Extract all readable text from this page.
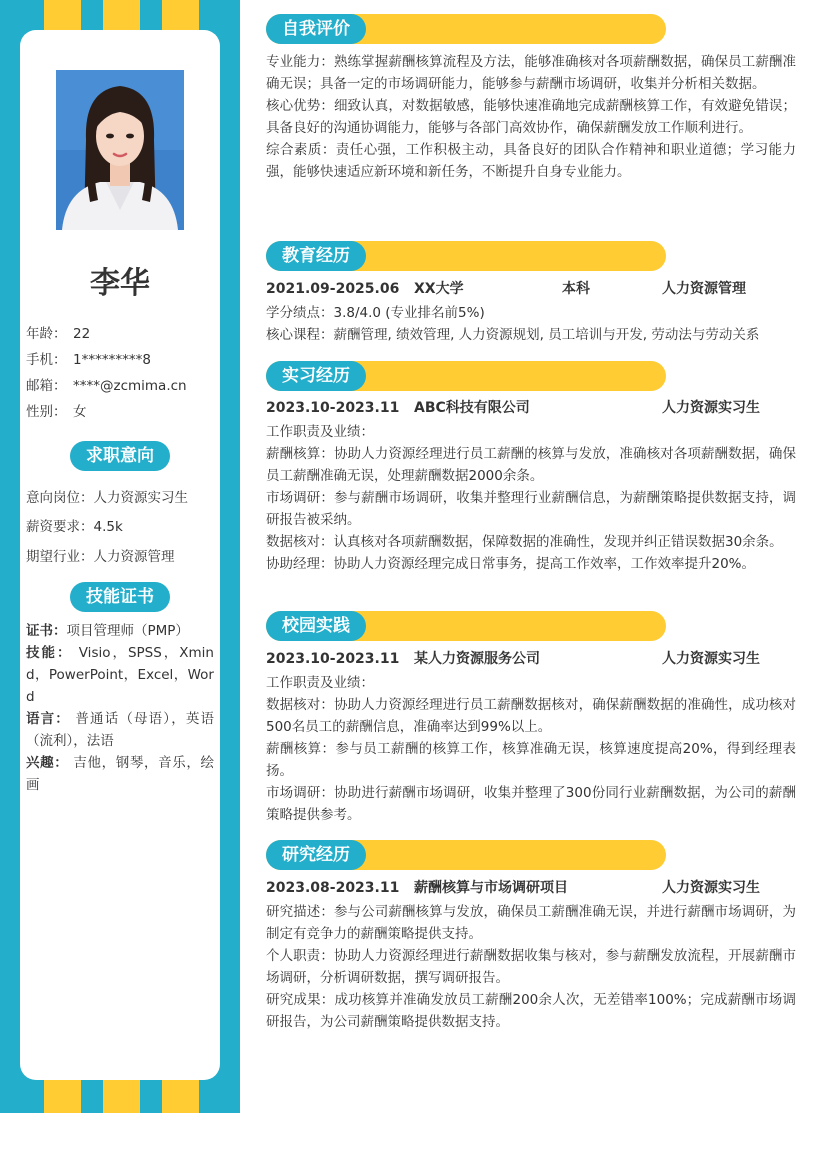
李华
年龄： 22
手机： 1*********8
邮箱： ****@zcmima.cn
性别： 女
求职意向
意向岗位：人力资源实习生
薪资要求：4.5k
期望行业：人力资源管理
技能证书

证书：项目管理师（PMP）

技能： Visio，SPSS，Xmind，PowerPoint，Excel，Word

语言： 普通话（母语），英语（流利），法语

兴趣： 吉他，钢琴，音乐，绘画

自我评价

专业能力：熟练掌握薪酬核算流程及方法，能够准确核对各项薪酬数据，确保员工薪酬准确无误；具备一定的市场调研能力，能够参与薪酬市场调研，收集并分析相关数据。

核心优势：细致认真，对数据敏感，能够快速准确地完成薪酬核算工作，有效避免错误；具备良好的沟通协调能力，能够与各部门高效协作，确保薪酬发放工作顺利进行。

综合素质：责任心强，工作积极主动，具备良好的团队合作精神和职业道德；学习能力强，能够快速适应新环境和新任务，不断提升自身专业能力。

教育经历
2021.09-2025.06 XX大学	本科	人力资源管理

学分绩点：3.8/4.0 (专业排名前5%)

核心课程：薪酬管理, 绩效管理, 人力资源规划, 员工培训与开发, 劳动法与劳动关系

实习经历
2023.10-2023.11 ABC科技有限公司	人力资源实习生

工作职责及业绩：

薪酬核算：协助人力资源经理进行员工薪酬的核算与发放，准确核对各项薪酬数据，确保员工薪酬准确无误，处理薪酬数据2000余条。

市场调研：参与薪酬市场调研，收集并整理行业薪酬信息，为薪酬策略提供数据支持，调研报告被采纳。

数据核对：认真核对各项薪酬数据，保障数据的准确性，发现并纠正错误数据30余条。

协助经理：协助人力资源经理完成日常事务，提高工作效率，工作效率提升20%。

校园实践
2023.10-2023.11 某人力资源服务公司	人力资源实习生

工作职责及业绩：

数据核对：协助人力资源经理进行员工薪酬数据核对，确保薪酬数据的准确性，成功核对500名员工的薪酬信息，准确率达到99%以上。

薪酬核算：参与员工薪酬的核算工作，核算准确无误，核算速度提高20%，得到经理表扬。

市场调研：协助进行薪酬市场调研，收集并整理了300份同行业薪酬数据，为公司的薪酬策略提供参考。

研究经历
2023.08-2023.11 薪酬核算与市场调研项目	人力资源实习生

研究描述：参与公司薪酬核算与发放，确保员工薪酬准确无误，并进行薪酬市场调研，为制定有竞争力的薪酬策略提供支持。

个人职责：协助人力资源经理进行薪酬数据收集与核对，参与薪酬发放流程，开展薪酬市场调研，分析调研数据，撰写调研报告。

研究成果：成功核算并准确发放员工薪酬200余人次，无差错率100%；完成薪酬市场调研报告，为公司薪酬策略提供数据支持。
